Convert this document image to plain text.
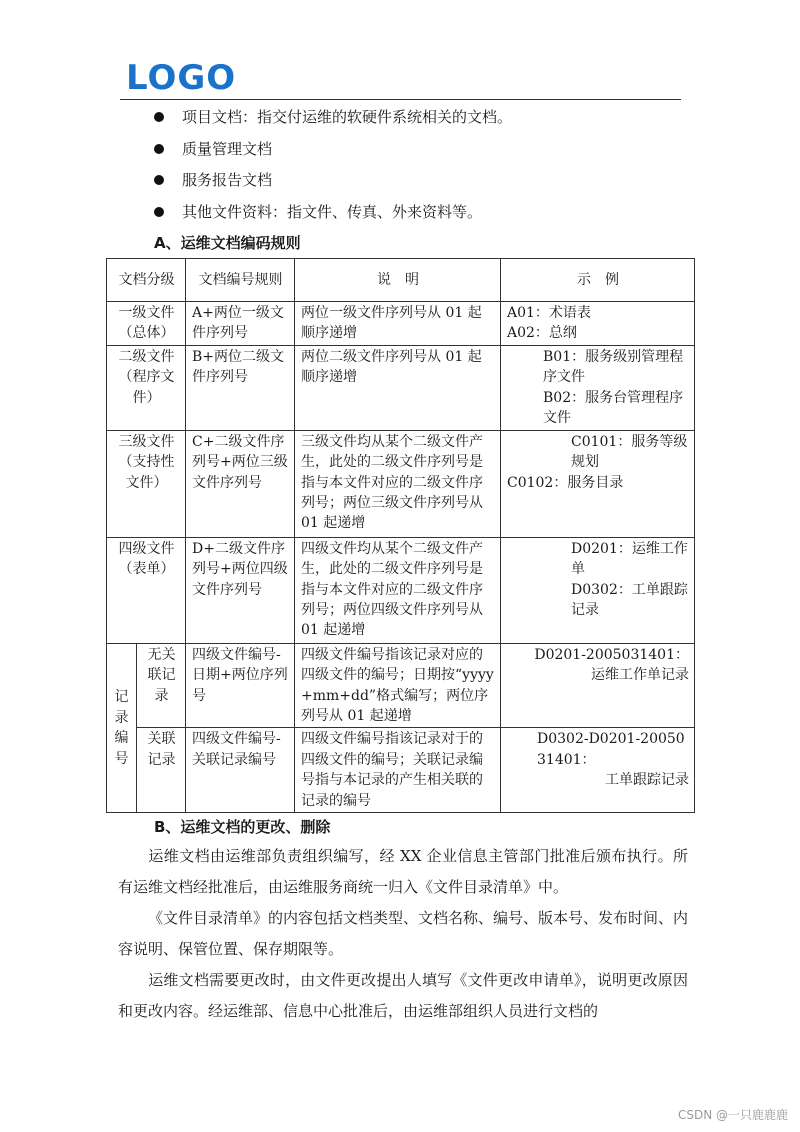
LOGO

项目文档：指交付运维的软硬件系统相关的文档。
质量管理文档
服务报告文档
其他文件资料：指文件、传真、外来资料等。

A、运维文档编码规则

文档分级		文档编号规则	说　明	示　例
一级文件（总体）		A+两位一级文件序列号	两位一级文件序列号从 01 起顺序递增	A01：术语表
A02：总纲

二级文件（程序文件）		B+两位二级文件序列号	两位二级文件序列号从 01 起顺序递增	B01：服务级别管理程序文件
B02：服务台管理程序文件

三级文件（支持性文件）		C+二级文件序列号+两位三级文件序列号	三级文件均从某个二级文件产生，此处的二级文件序列号是指与本文件对应的二级文件序列号；两位三级文件序列号从 01 起递增	C0101：服务等级规划
C0102：服务目录

四级文件（表单）		D+二级文件序列号+两位四级文件序列号	四级文件均从某个二级文件产生，此处的二级文件序列号是指与本文件对应的二级文件序列号；两位四级文件序列号从 01 起递增	D0201：运维工作单
D0302：工单跟踪记录

记录编号	无关联记录	四级文件编号-日期+两位序列号	四级文件编号指该记录对应的四级文件的编号；日期按“yyyy+mm+dd”格式编写；两位序列号从 01 起递增	D0201-2005031401：
运维工作单记录

	关联记录	四级文件编号-关联记录编号	四级文件编号指该记录对于的四级文件的编号；关联记录编号指与本记录的产生相关联的记录的编号	D0302-D0201-2005031401：
工单跟踪记录

B、运维文档的更改、删除

运维文档由运维部负责组织编写，经 XX 企业信息主管部门批准后颁布执行。所有运维文档经批准后，由运维服务商统一归入《文件目录清单》中。

《文件目录清单》的内容包括文档类型、文档名称、编号、版本号、发布时间、内容说明、保管位置、保存期限等。

运维文档需要更改时，由文件更改提出人填写《文件更改申请单》，说明更改原因和更改内容。经运维部、信息中心批准后，由运维部组织人员进行文档的

CSDN @一只鹿鹿鹿
